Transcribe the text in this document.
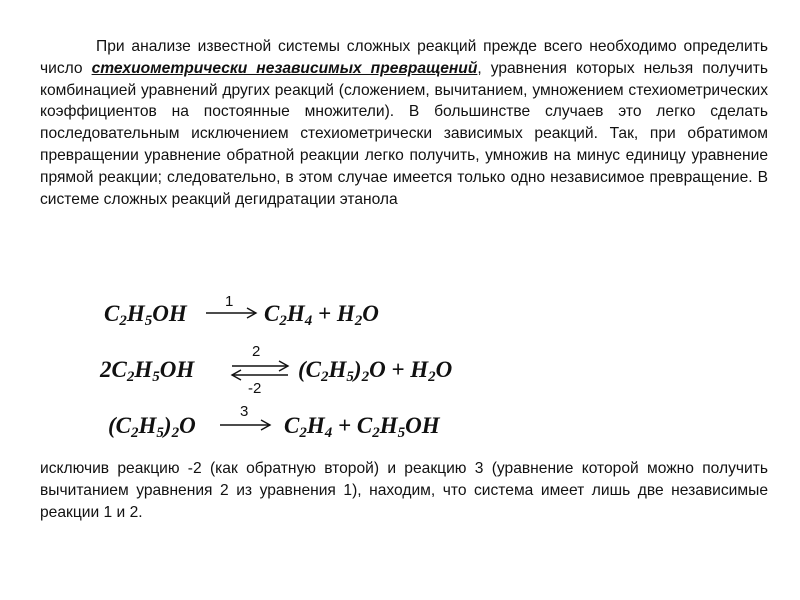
При анализе известной системы сложных реакций прежде всего необходимо определить число стехиометрически независимых превращений, уравнения которых нельзя получить комбинацией уравнений других реакций (сложением, вычитанием, умножением стехиометрических коэффициентов на постоянные множители). В большинстве случаев это легко сделать последовательным исключением стехиометрически зависимых реакций. Так, при обратимом превращении уравнение обратной реакции легко получить, умножив на минус единицу уравнение прямой реакции; следовательно, в этом случае имеется только одно независимое превращение. В системе сложных реакций дегидратации этанола

$C_2H_5OH$	1 $C_2H_4 + H_2O$
$2C_2H_5OH$
2
-2
$(C_2H_5)_2O + H_2O$
$(C_2H_5)_2O$
3
$C_2H_4 + C_2H_5OH$

исключив реакцию -2 (как обратную второй) и реакцию 3 (уравнение которой можно получить вычитанием уравнения 2 из уравнения 1), находим, что система имеет лишь две независимые реакции 1 и 2.
